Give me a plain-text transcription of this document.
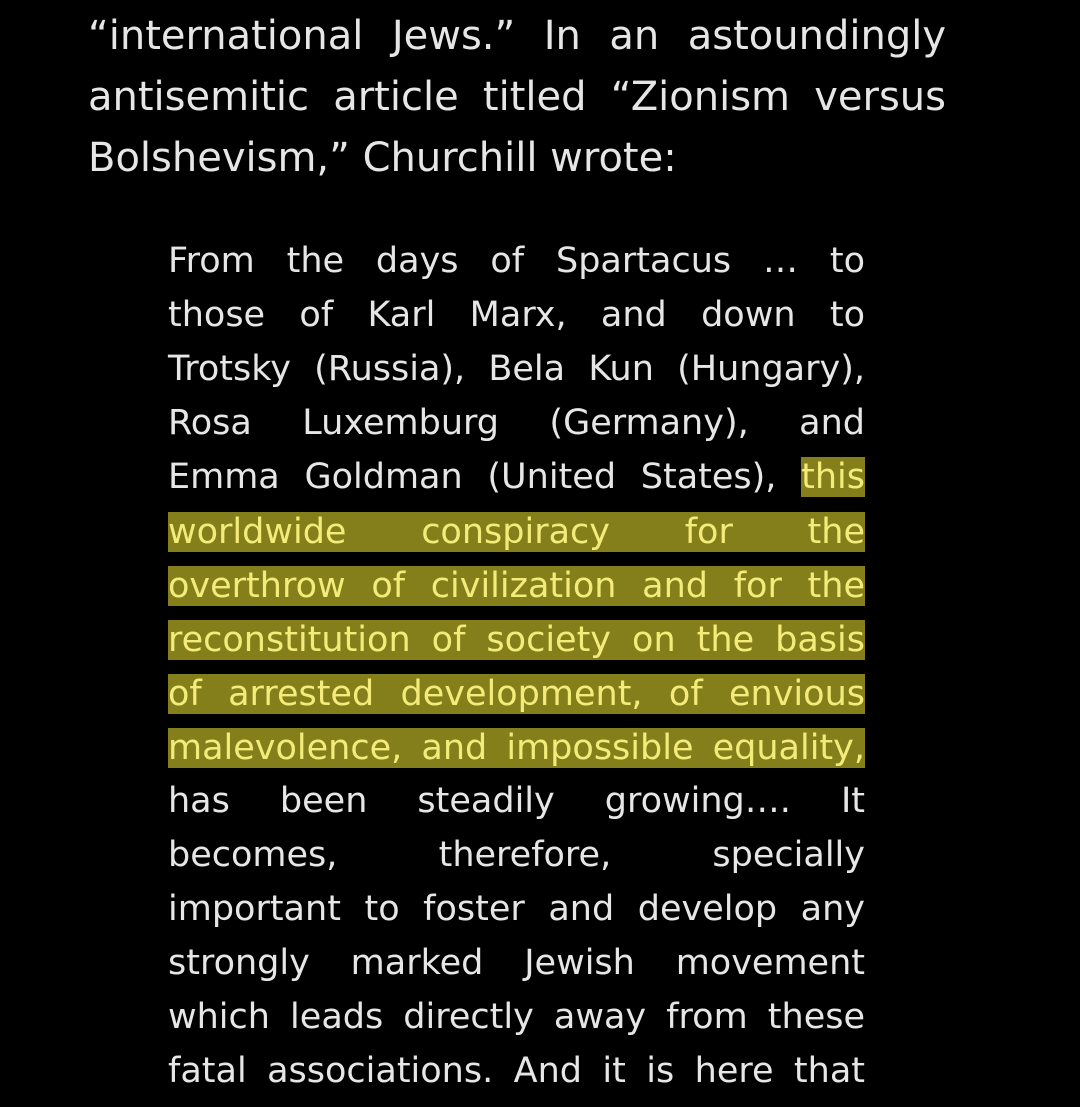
“international Jews.” In an astoundingly
antisemitic article titled “Zionism versus
Bolshevism,” Churchill wrote:

From the days of Spartacus … to
those of Karl Marx, and down to
Trotsky (Russia), Bela Kun (Hungary),
Rosa Luxemburg (Germany), and
Emma Goldman (United States), this
worldwide conspiracy for the
overthrow of civilization and for the
reconstitution of society on the basis
of arrested development, of envious
malevolence, and impossible equality,
has been steadily growing…. It
becomes, therefore, specially
important to foster and develop any
strongly marked Jewish movement
which leads directly away from these
fatal associations. And it is here that
